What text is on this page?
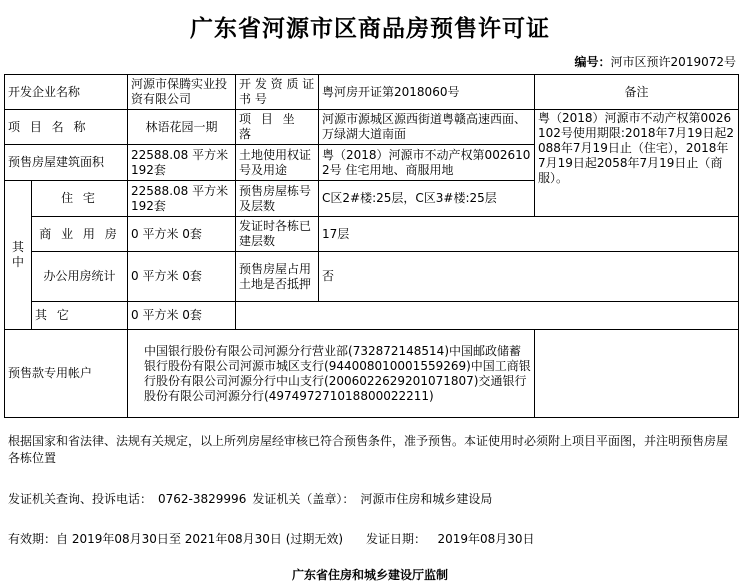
广东省河源市区商品房预售许可证
编号：河市区预许2019072号
开发企业名称		河源市保腾实业投资有限公司	开 发 资 质 证 书 号	粤河房开证第2018060号	备注
项 目 名 称		林语花园一期	项 目 坐 落	河源市源城区源西街道粤赣高速西面、万绿湖大道南面	粤（2018）河源市不动产权第0026102号使用期限:2018年7月19日起2088年7月19日止（住宅），2018年7月19日起2058年7月19日止（商服）。
预售房屋建筑面积		22588.08 平方米 192套	土地使用权证号及用途	粤（2018）河源市不动产权第0026102号 住宅用地、商服用地	
其 中	住 宅	22588.08 平方米 192套	预售房屋栋号及层数	C区2#楼:25层，C区3#楼:25层	
	商 业 用 房	0 平方米 0套	发证时各栋已建层数	17层	
	办公用房统计	0 平方米 0套	预售房屋占用土地是否抵押	否	
	其 它	0 平方米 0套			
预售款专用帐户		中国银行股份有限公司河源分行营业部(732872148514)中国邮政储蓄银行股份有限公司河源市城区支行(944008010001559269)中国工商银行股份有限公司河源分行中山支行(2006022629201071807)交通银行股份有限公司河源分行(497497271018800022211)			
根据国家和省法律、法规有关规定，以上所列房屋经审核已符合预售条件，准予预售。本证使用时必须附上项目平面图，并注明预售房屋各栋位置
发证机关查询、投诉电话： 0762-3829996 发证机关（盖章）： 河源市住房和城乡建设局
有效期：自 2019年08月30日至 2021年08月30日 (过期无效) 发证日期： 2019年08月30日
广东省住房和城乡建设厅监制
